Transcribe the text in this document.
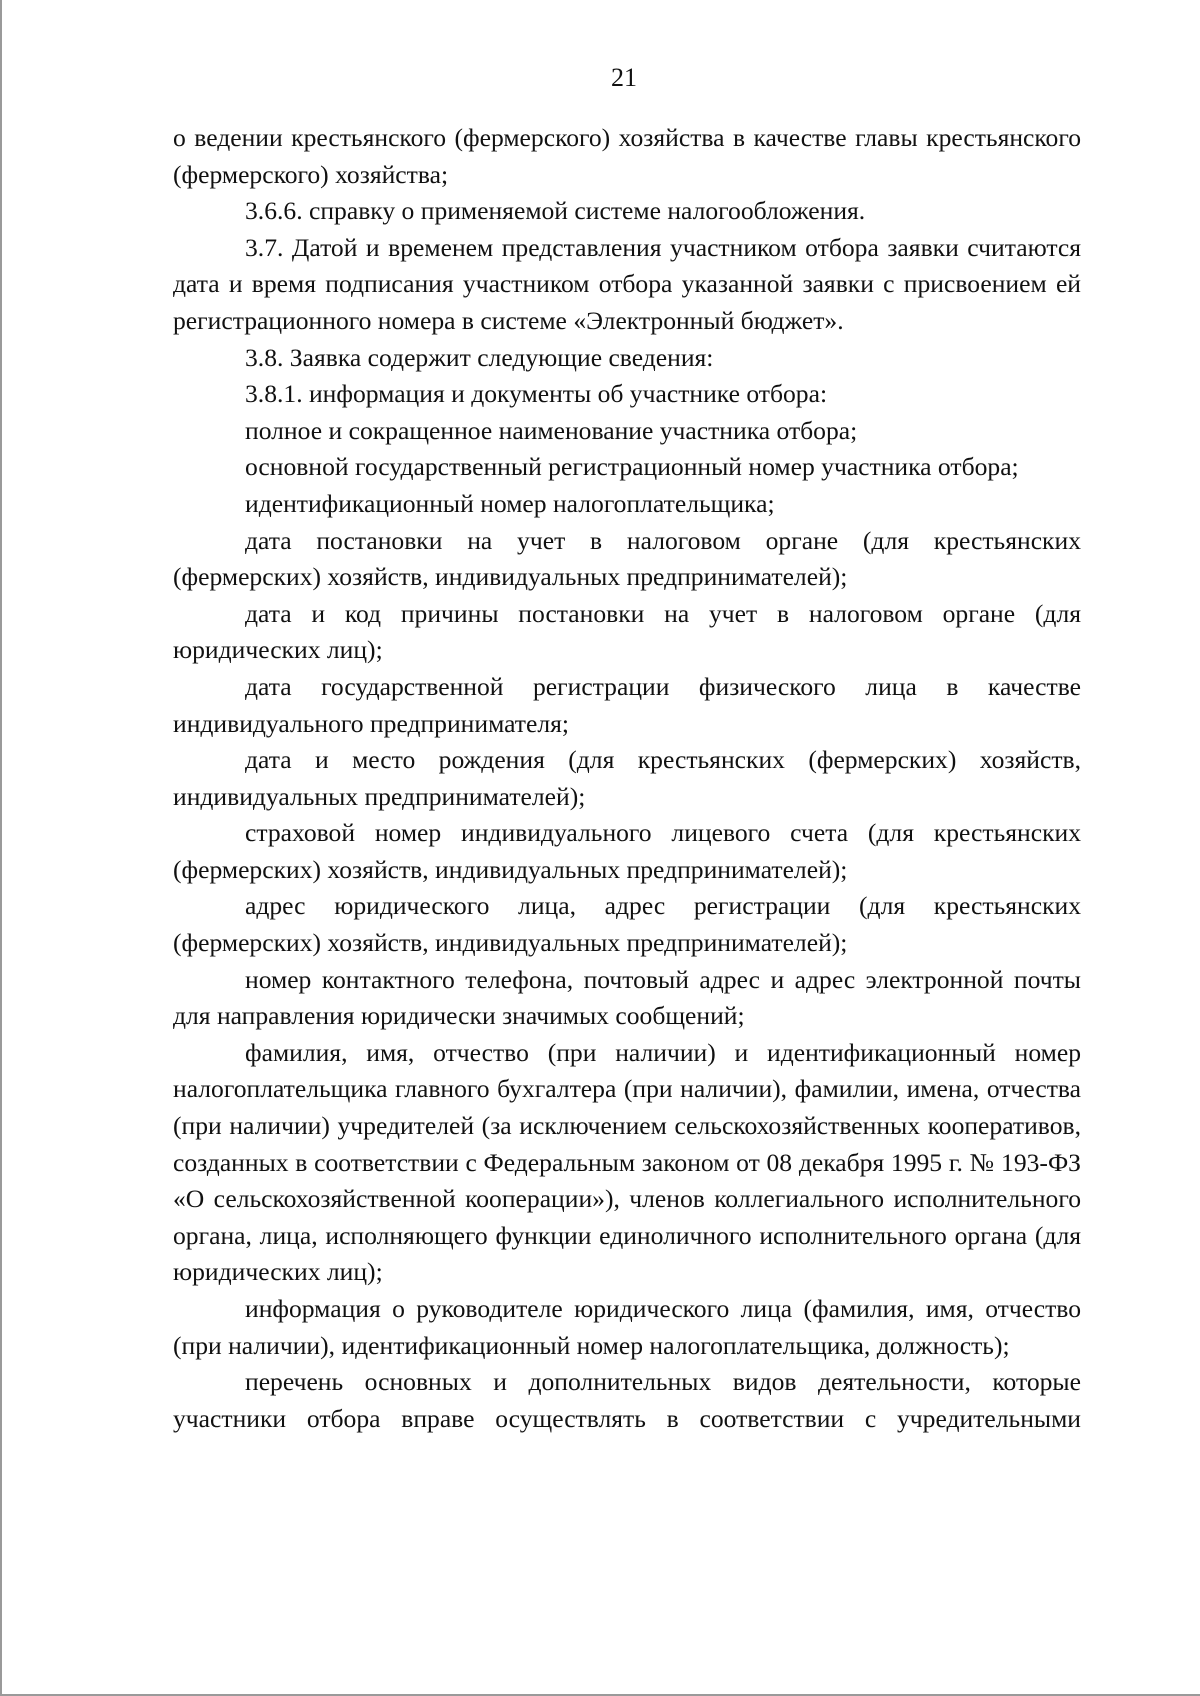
21

о ведении крестьянского (фермерского) хозяйства в качестве главы крестьянского (фермерского) хозяйства;

3.6.6. справку о применяемой системе налогообложения.

3.7. Датой и временем представления участником отбора заявки считаются дата и время подписания участником отбора указанной заявки с присвоением ей регистрационного номера в системе «Электронный бюджет».

3.8. Заявка содержит следующие сведения:

3.8.1. информация и документы об участнике отбора:

полное и сокращенное наименование участника отбора;

основной государственный регистрационный номер участника отбора;

идентификационный номер налогоплательщика;

дата постановки на учет в налоговом органе (для крестьянских (фермерских) хозяйств, индивидуальных предпринимателей);

дата и код причины постановки на учет в налоговом органе (для юридических лиц);

дата государственной регистрации физического лица в качестве индивидуального предпринимателя;

дата и место рождения (для крестьянских (фермерских) хозяйств, индивидуальных предпринимателей);

страховой номер индивидуального лицевого счета (для крестьянских (фермерских) хозяйств, индивидуальных предпринимателей);

адрес юридического лица, адрес регистрации (для крестьянских (фермерских) хозяйств, индивидуальных предпринимателей);

номер контактного телефона, почтовый адрес и адрес электронной почты для направления юридически значимых сообщений;

фамилия, имя, отчество (при наличии) и идентификационный номер налогоплательщика главного бухгалтера (при наличии), фамилии, имена, отчества (при наличии) учредителей (за исключением сельскохозяйственных кооперативов, созданных в соответствии с Федеральным законом от 08 декабря 1995 г. № 193-ФЗ «О сельскохозяйственной кооперации»), членов коллегиального исполнительного органа, лица, исполняющего функции единоличного исполнительного органа (для юридических лиц);

информация о руководителе юридического лица (фамилия, имя, отчество (при наличии), идентификационный номер налогоплательщика, должность);

перечень основных и дополнительных видов деятельности, которые участники отбора вправе осуществлять в соответствии с учредительными
